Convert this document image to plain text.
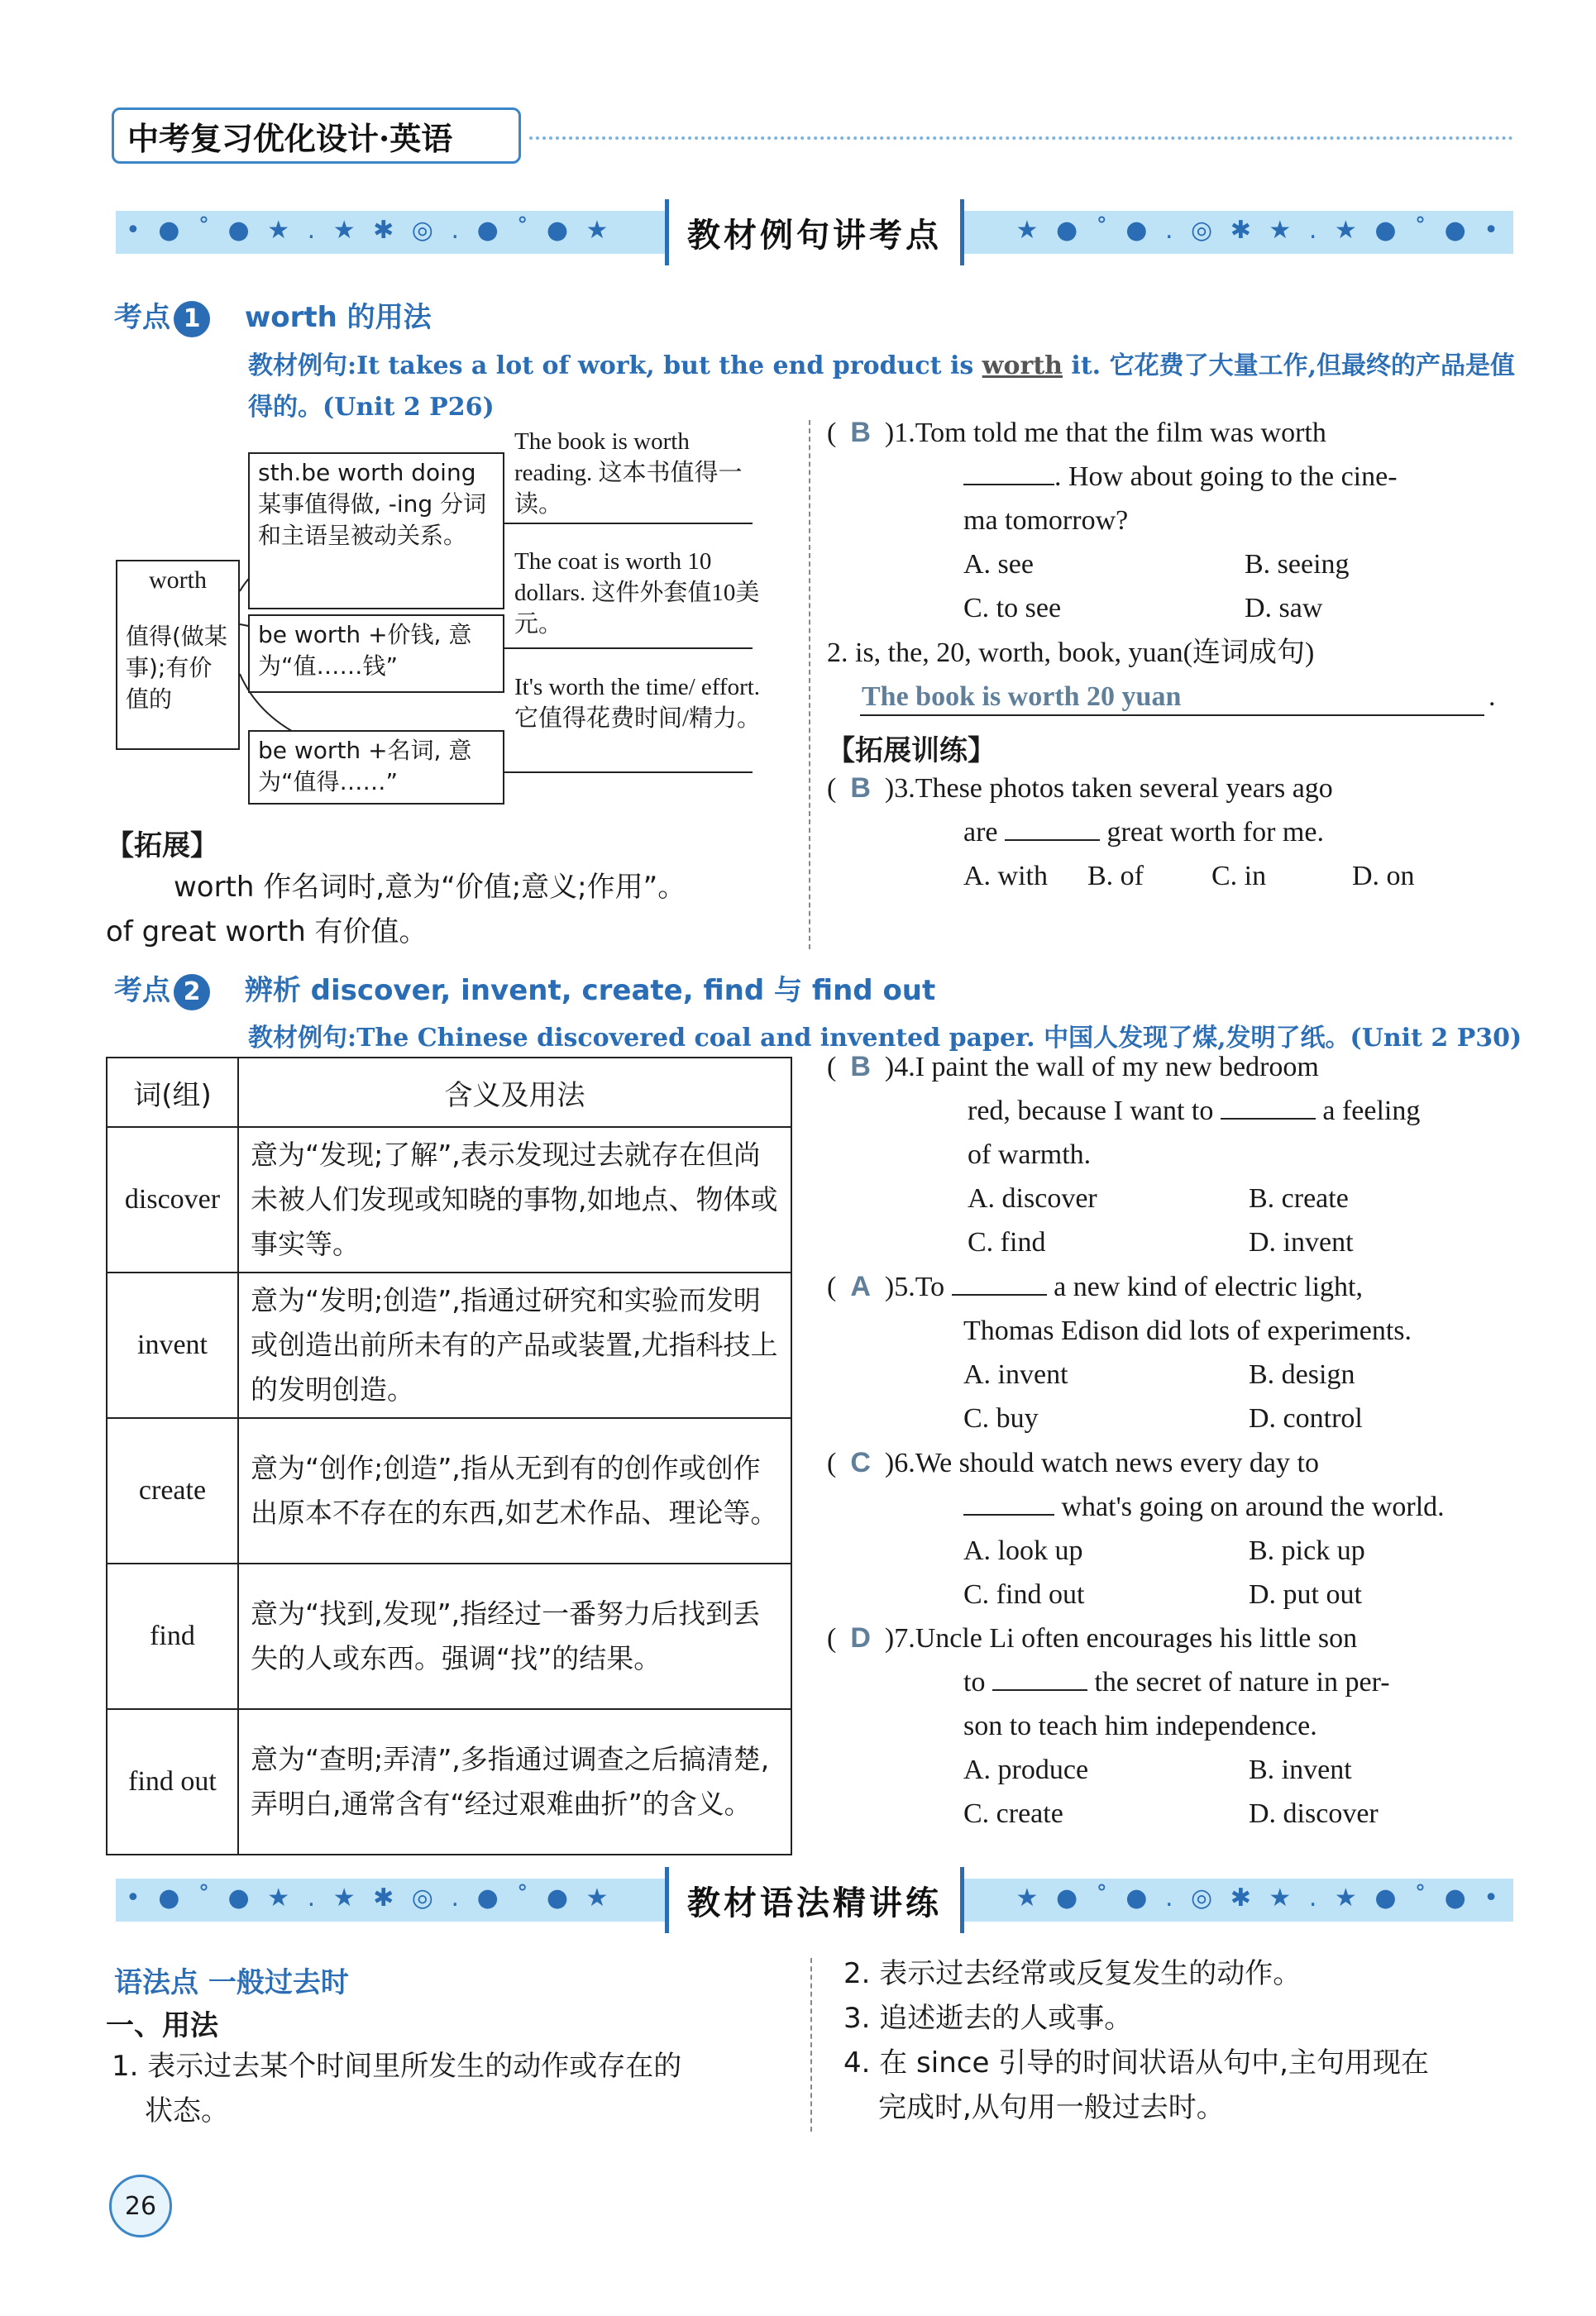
中考复习优化设计·英语
• ● ˚ ● ★ . ★ ✱ ◎ . ● ˚ ● ★	★ ● ˚ ● . ◎ ✱ ★ . ★ ● ˚ ● •
教材例句讲考点
考点 1 worth 的用法
教材例句:It takes a lot of work, but the end product is worth it. 它花费了大量工作,但最终的产品是值
得的。(Unit 2 P26)
worth
值得(做某事);有价值的
sth.be worth doing 某事值得做, -ing 分词和主语呈被动关系。
be worth +价钱, 意为“值……钱”
be worth +名词, 意为“值得……”
The book is worth reading. 这本书值得一读。
The coat is worth 10 dollars. 这件外套值10美元。
It's worth the time/ effort. 它值得花费时间/精力。
【拓展】
worth 作名词时,意为“价值;意义;作用”。
of great worth 有价值。
(  B  )1.Tom told me that the film was worth
. How about going to the cine-
ma tomorrow?
A. see	B. seeing
C. to see	D. saw
2. is, the, 20, worth, book, yuan(连词成句)
The book is worth 20 yuan	.
【拓展训练】
(  B  )3.These photos taken several years ago
are	great worth for me.
A. with	B. of	C. in	D. on
考点 2 辨析 discover, invent, create, find 与 find out
教材例句:The Chinese discovered coal and invented paper. 中国人发现了煤,发明了纸。(Unit 2 P30)
词(组)	含义及用法
discover	意为“发现;了解”,表示发现过去就存在但尚未被人们发现或知晓的事物,如地点、物体或事实等。
invent	意为“发明;创造”,指通过研究和实验而发明或创造出前所未有的产品或装置,尤指科技上的发明创造。
create	意为“创作;创造”,指从无到有的创作或创作出原本不存在的东西,如艺术作品、理论等。
find	意为“找到,发现”,指经过一番努力后找到丢失的人或东西。强调“找”的结果。
find out	意为“查明;弄清”,多指通过调查之后搞清楚,弄明白,通常含有“经过艰难曲折”的含义。
(  B  )4.I paint the wall of my new bedroom
red, because I want to	a feeling
of warmth.
A. discover	B. create
C. find	D. invent
(  A  )5.To	a new kind of electric light,
Thomas Edison did lots of experiments.
A. invent	B. design
C. buy	D. control
(  C  )6.We should watch news every day to
what's going on around the world.
A. look up	B. pick up
C. find out	D. put out
(  D  )7.Uncle Li often encourages his little son
to	the secret of nature in per-
son to teach him independence.
A. produce	B. invent
C. create	D. discover
• ● ˚ ● ★ . ★ ✱ ◎ . ● ˚ ● ★	★ ● ˚ ● . ◎ ✱ ★ . ★ ● ˚ ● •
教材语法精讲练
语法点 一般过去时
一、用法
1. 表示过去某个时间里所发生的动作或存在的
状态。
2. 表示过去经常或反复发生的动作。
3. 追述逝去的人或事。
4. 在 since 引导的时间状语从句中,主句用现在
完成时,从句用一般过去时。
26
